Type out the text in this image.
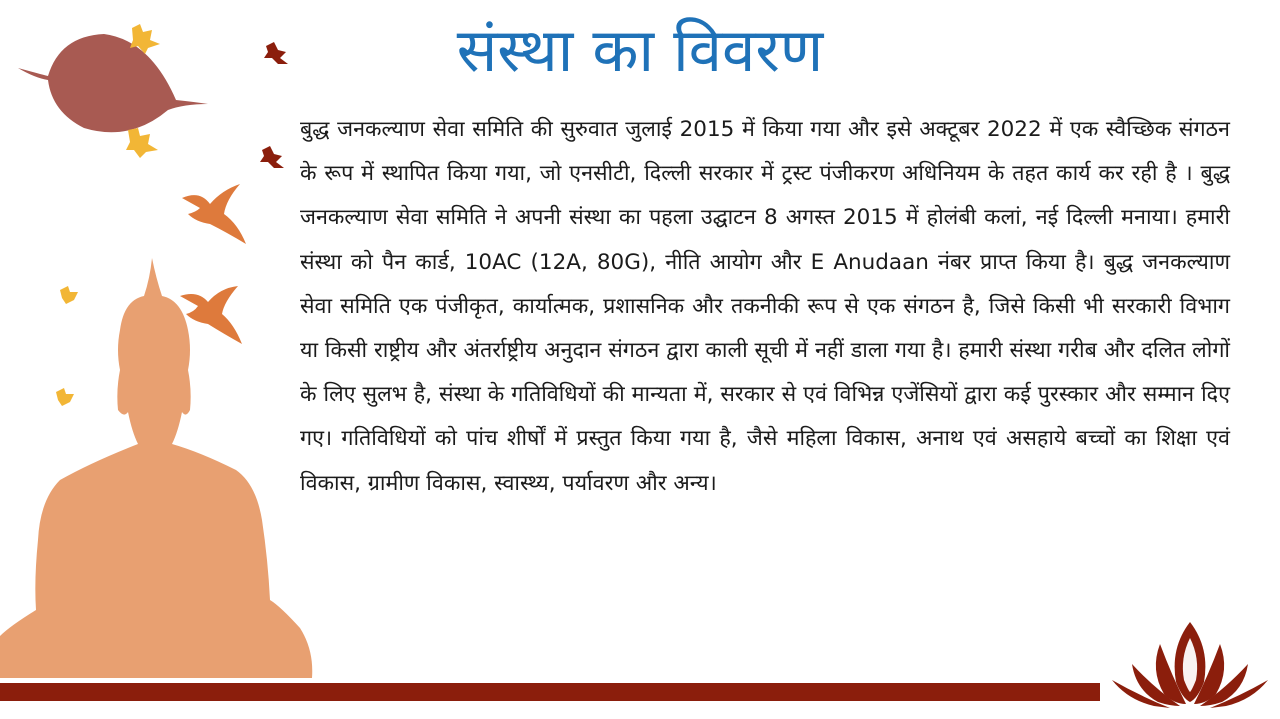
संस्था का विवरण

बुद्ध जनकल्याण सेवा समिति की सुरुवात जुलाई 2015 में किया गया और इसे अक्टूबर 2022 में एक स्वैच्छिक संगठन के रूप में स्थापित किया गया, जो एनसीटी, दिल्ली सरकार में ट्रस्ट पंजीकरण अधिनियम के तहत कार्य कर रही है । बुद्ध जनकल्याण सेवा समिति ने अपनी संस्था का पहला उद्घाटन 8 अगस्त 2015 में होलंबी कलां, नई दिल्ली मनाया। हमारी संस्था को पैन कार्ड, 10AC (12A, 80G), नीति आयोग और E Anudaan नंबर प्राप्त किया है। बुद्ध जनकल्याण सेवा समिति एक पंजीकृत, कार्यात्मक, प्रशासनिक और तकनीकी रूप से एक संगठन है, जिसे किसी भी सरकारी विभाग या किसी राष्ट्रीय और अंतर्राष्ट्रीय अनुदान संगठन द्वारा काली सूची में नहीं डाला गया है। हमारी संस्था गरीब और दलित लोगों के लिए सुलभ है, संस्था के गतिविधियों की मान्यता में, सरकार से एवं विभिन्न एजेंसियों द्वारा कई पुरस्कार और सम्मान दिए गए। गतिविधियों को पांच शीर्षों में प्रस्तुत किया गया है, जैसे महिला विकास, अनाथ एवं असहाये बच्चों का शिक्षा एवं विकास, ग्रामीण विकास, स्वास्थ्य, पर्यावरण और अन्य।
